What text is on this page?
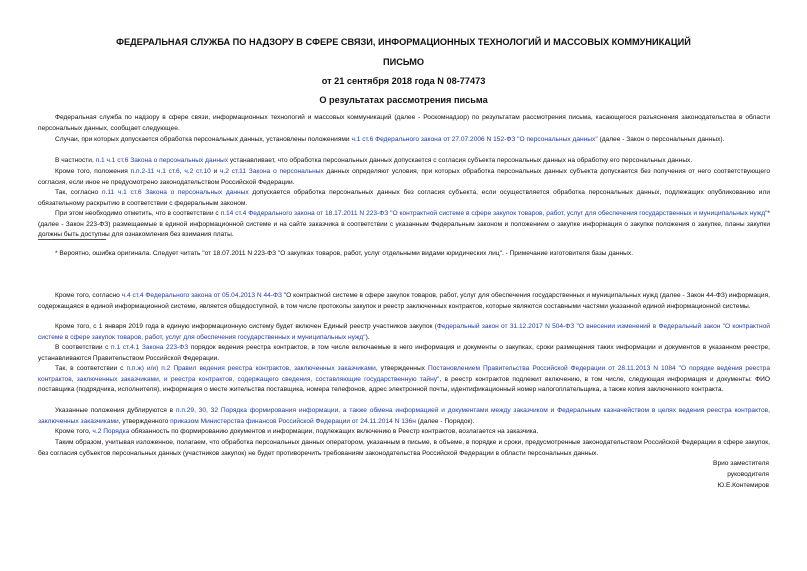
ФЕДЕРАЛЬНАЯ СЛУЖБА ПО НАДЗОРУ В СФЕРЕ СВЯЗИ, ИНФОРМАЦИОННЫХ ТЕХНОЛОГИЙ И МАССОВЫХ КОММУНИКАЦИЙ
ПИСЬМО
от 21 сентября 2018 года N 08-77473
О результатах рассмотрения письма
Федеральная служба по надзору в сфере связи, информационных технологий и массовых коммуникаций (далее - Роскомнадзор) по результатам рассмотрения письма, касающегося разъяснения законодательства в области персональных данных, сообщает следующее.
Случаи, при которых допускается обработка персональных данных, установлены положениями ч.1 ст.6 Федерального закона от 27.07.2006 N 152-ФЗ "О персональных данных" (далее - Закон о персональных данных).
В частности, п.1 ч.1 ст.6 Закона о персональных данных устанавливает, что обработка персональных данных допускается с согласия субъекта персональных данных на обработку его персональных данных.
Кроме того, положения п.п.2-11 ч.1 ст.6, ч.2 ст.10 и ч.2 ст.11 Закона о персональных данных определяют условия, при которых обработка персональных данных субъекта допускается без получения от него соответствующего согласия, если иное не предусмотрено законодательством Российской Федерации.
Так, согласно п.11 ч.1 ст.6 Закона о персональных данных допускается обработка персональных данных без согласия субъекта, если осуществляется обработка персональных данных, подлежащих опубликованию или обязательному раскрытию в соответствии с федеральным законом.
При этом необходимо отметить, что в соответствии с п.14 ст.4 Федерального закона от 18.17.2011 N 223-ФЗ "О контрактной системе в сфере закупок товаров, работ, услуг для обеспечения государственных и муниципальных нужд"* (далее - Закон 223-ФЗ) размещаемые в единой информационной системе и на сайте заказчика в соответствии с указанным Федеральным законом и положением о закупке информация о закупке положения о закупке, планы закупки должны быть доступны для ознакомления без взимания платы.
* Вероятно, ошибка оригинала. Следует читать "от 18.07.2011 N 223-ФЗ "О закупках товаров, работ, услуг отдельными видами юридических лиц". - Примечание изготовителя базы данных.
Кроме того, согласно ч.4 ст.4 Федерального закона от 05.04.2013 N 44-ФЗ "О контрактной системе в сфере закупок товаров, работ, услуг для обеспечения государственных и муниципальных нужд (далее - Закон 44-ФЗ) информация, содержащаяся в единой информационной системе, является общедоступной, в том числе протоколы закупок и реестр заключенных контрактов, которые являются составными частями указанной единой информационной системы.
Кроме того, с 1 января 2019 года в единую информационную систему будет включен Единый реестр участников закупок (Федеральный закон от 31.12.2017 N 504-ФЗ "О внесении изменений в Федеральный закон "О контрактной системе в сфере закупок товаров, работ, услуг для обеспечения государственных и муниципальных нужд").
В соответствии с п.1 ст.4.1 Закона 223-ФЗ порядок ведения реестра контрактов, в том числе включаемые в него информация и документы о закупках, сроки размещения таких информации и документов в указанном реестре, устанавливаются Правительством Российской Федерации.
Так, в соответствии с п.п.ж) и/и) п.2 Правил ведения реестра контрактов, заключенных заказчиками, утвержденных Постановлением Правительства Российской Федерации от 28.11.2013 N 1084 "О порядке ведения реестра контрактов, заключенных заказчиками, и реестра контрактов, содержащего сведения, составляющие государственную тайну", в реестр контрактов подлежит включению, в том числе, следующая информация и документы: ФИО поставщика (подрядчика, исполнителя), информация о месте жительства поставщика, номера телефонов, адрес электронной почты, идентификационный номер налогоплательщика, а также копия заключенного контракта.
Указанные положения дублируются в п.п.29, 30, 32 Порядка формирования информации, а также обмена информацией и документами между заказчиком и Федеральным казначейством в целях ведения реестра контрактов, заключенных заказчиками, утвержденного приказом Министерства финансов Российской Федерации от 24.11.2014 N 136н (далее - Порядок).
Кроме того, ч.2 Порядка обязанность по формированию документов и информации, подлежащих включению в Реестр контрактов, возлагается на заказчика.
Таким образом, учитывая изложенное, полагаем, что обработка персональных данных оператором, указанным в письме, в объеме, в порядке и сроки, предусмотренные законодательством Российской Федерации в сфере закупок, без согласия субъектов персональных данных (участников закупок) не будет противоречить требованиям законодательства Российской Федерации в области персональных данных.
Врио заместителя
руководителя
Ю.Е.Контемиров
